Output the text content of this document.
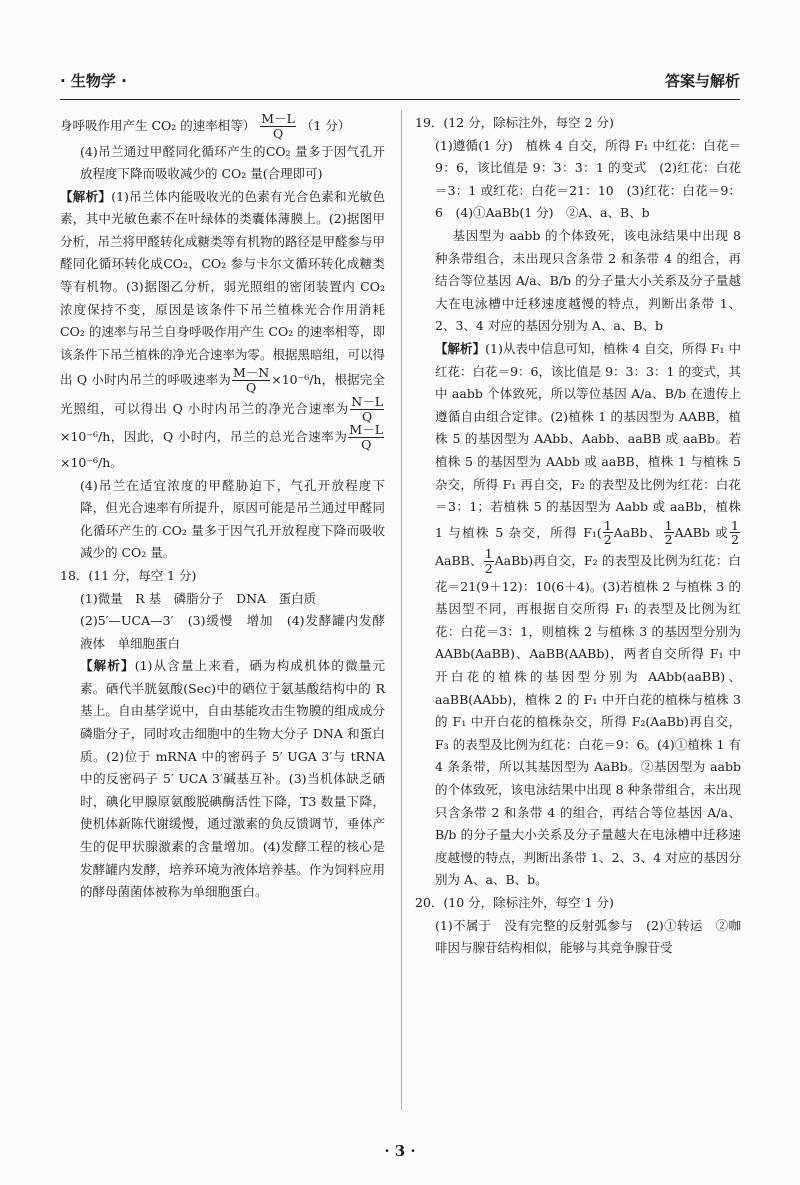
· 生物学 ·	答案与解析

身呼吸作用产生 CO₂ 的速率相等） $\frac{M-L}{Q} (1$ 分）

(4)吊兰通过甲醛同化循环产生的CO₂ 量多于因气孔开放程度下降而吸收减少的 CO₂ 量(合理即可)

【解析】(1)吊兰体内能吸收光的色素有光合色素和光敏色素，其中光敏色素不在叶绿体的类囊体薄膜上。(2)据图甲分析，吊兰将甲醛转化成糖类等有机物的路径是甲醛参与甲醛同化循环转化成CO₂，CO₂ 参与卡尔文循环转化成糖类等有机物。(3)据图乙分析，弱光照组的密闭装置内 CO₂ 浓度保持不变，原因是该条件下吊兰植株光合作用消耗 CO₂ 的速率与吊兰自身呼吸作用产生 CO₂ 的速率相等，即该条件下吊兰植株的净光合速率为零。根据黑暗组，可以得出 Q 小时内吊兰的呼吸速率为 $\frac{M-N}{Q} \times 10^{-6}/h$，根据完全光照组，可以得出 Q 小时内吊兰的净光合速率为 $\frac{N-L}{Q}$
×10⁻⁶/h，因此，Q 小时内，吊兰的总光合速率为 $\frac{M-L}{Q}$
×10⁻⁶/h。

(4)吊兰在适宜浓度的甲醛胁迫下，气孔开放程度下降，但光合速率有所提升，原因可能是吊兰通过甲醛同化循环产生的 CO₂ 量多于因气孔开放程度下降而吸收减少的 CO₂ 量。

18．(11 分，每空 1 分)

(1)微量　R 基　磷脂分子　DNA　蛋白质

(2)5′—UCA—3′　(3)缓慢　增加　(4)发酵罐内发酵　液体　单细胞蛋白

【解析】(1)从含量上来看，硒为构成机体的微量元素。硒代半胱氨酸(Sec)中的硒位于氨基酸结构中的 R 基上。自由基学说中，自由基能攻击生物膜的组成成分磷脂分子，同时攻击细胞中的生物大分子 DNA 和蛋白质。(2)位于 mRNA 中的密码子 5′ UGA 3′与 tRNA 中的反密码子 5′ UCA 3′碱基互补。(3)当机体缺乏硒时，碘化甲腺原氨酸脱碘酶活性下降，T3 数量下降，使机体新陈代谢缓慢，通过激素的负反馈调节，垂体产生的促甲状腺激素的含量增加。(4)发酵工程的核心是发酵罐内发酵，培养环境为液体培养基。作为饲料应用的酵母菌菌体被称为单细胞蛋白。

19．(12 分，除标注外，每空 2 分)

(1)遵循(1 分)　植株 4 自交，所得 F₁ 中红花：白花＝9：6，该比值是 9：3：3：1 的变式　(2)红花：白花＝3：1 或红花：白花＝21：10　(3)红花：白花＝9：6　(4)①AaBb(1 分)　②A、a、B、b

基因型为 aabb 的个体致死，该电泳结果中出现 8 种条带组合，未出现只含条带 2 和条带 4 的组合，再结合等位基因 A/a、B/b 的分子量大小关系及分子量越大在电泳槽中迁移速度越慢的特点，判断出条带 1、2、3、4 对应的基因分别为 A、a、B、b

【解析】(1)从表中信息可知，植株 4 自交，所得 F₁ 中红花：白花＝9：6，该比值是 9：3：3：1 的变式，其中 aabb 个体致死，所以等位基因 A/a、B/b 在遗传上遵循自由组合定律。(2)植株 1 的基因型为 AABB，植株 5 的基因型为 AAbb、Aabb、aaBB 或 aaBb。若植株 5 的基因型为 AAbb 或 aaBB，植株 1 与植株 5 杂交，所得 F₁ 再自交，F₂ 的表型及比例为红花：白花＝3：1；若植株 5 的基因型为 Aabb 或 aaBb，植株 1 与植株 5 杂交，所得 $F_1( \frac{1}{2}$ AaBb、 $\frac{1}{2}$ AABb 或 $\frac{1}{2}$
AaBB、 $\frac{1}{2}$ AaBb)再自交，F₂ 的表型及比例为红花：白花＝21(9＋12)：10(6＋4)。(3)若植株 2 与植株 3 的基因型不同，再根据自交所得 F₁ 的表型及比例为红花：白花＝3：1，则植株 2 与植株 3 的基因型分别为 AABb(AaBB)、AaBB(AABb)，两者自交所得 F₁ 中开白花的植株的基因型分别为 AAbb(aaBB)、aaBB(AAbb)，植株 2 的 F₁ 中开白花的植株与植株 3 的 F₁ 中开白花的植株杂交，所得 F₂(AaBb)再自交，F₃ 的表型及比例为红花：白花＝9：6。(4)①植株 1 有 4 条条带，所以其基因型为 AaBb。②基因型为 aabb 的个体致死，该电泳结果中出现 8 种条带组合，未出现只含条带 2 和条带 4 的组合，再结合等位基因 A/a、B/b 的分子量大小关系及分子量越大在电泳槽中迁移速度越慢的特点，判断出条带 1、2、3、4 对应的基因分别为 A、a、B、b。

20．(10 分，除标注外，每空 1 分)

(1)不属于　没有完整的反射弧参与　(2)①转运　②咖啡因与腺苷结构相似，能够与其竞争腺苷受

· 3 ·
